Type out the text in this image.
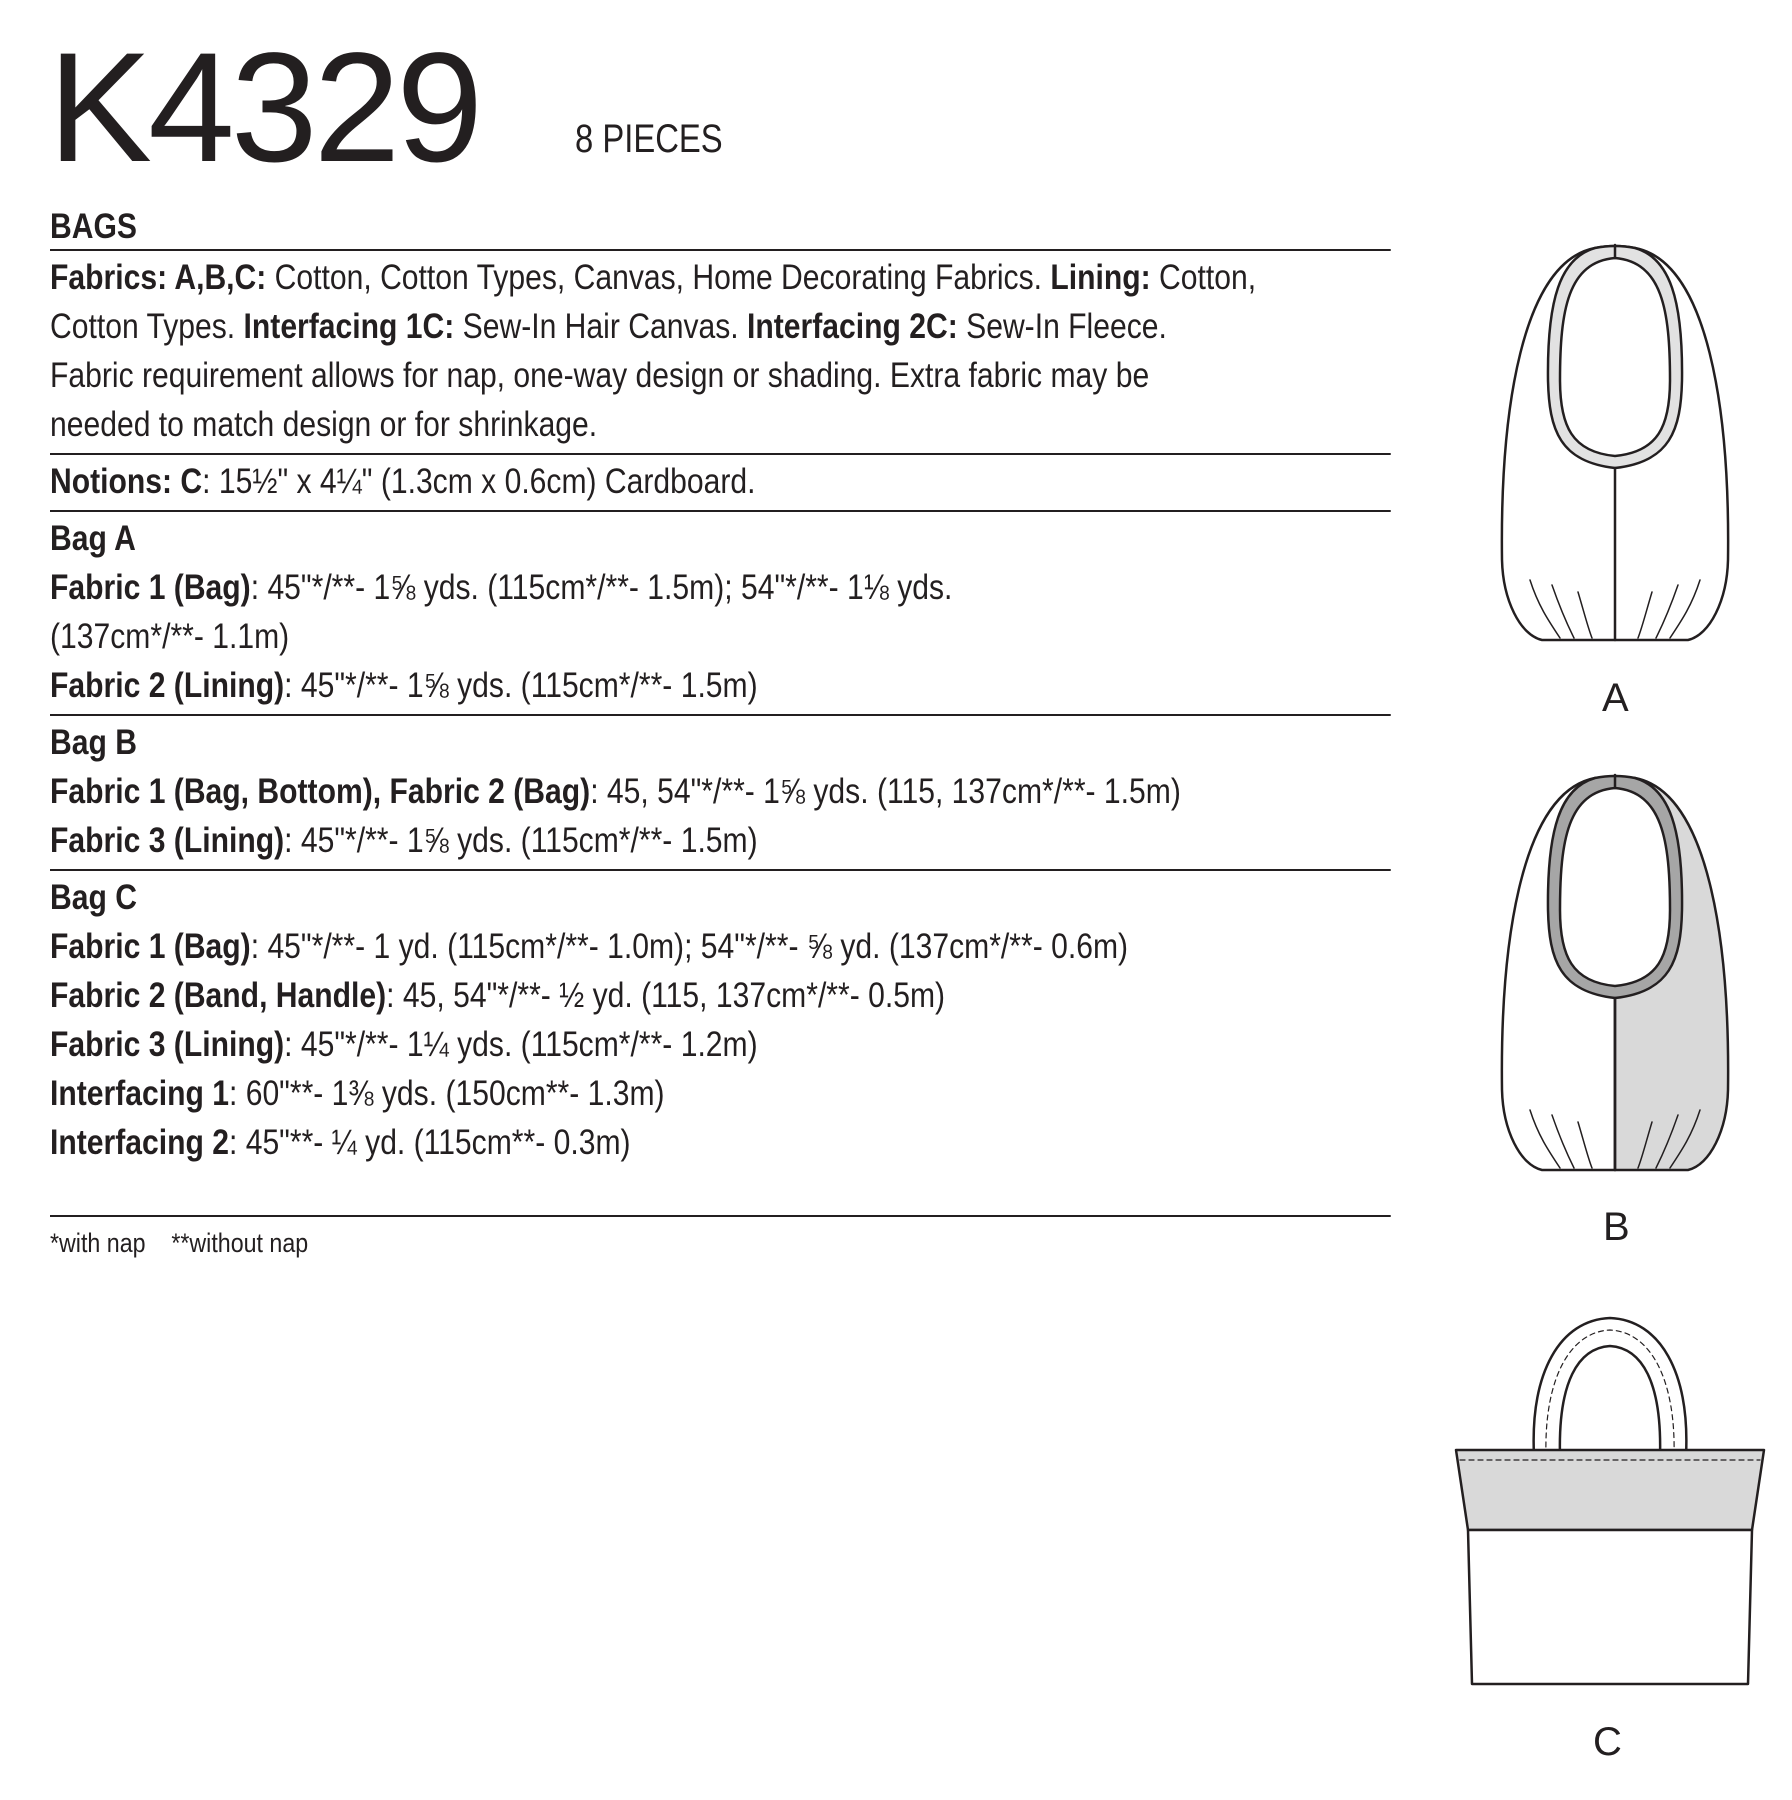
K4329 8 PIECES

BAGS

Fabrics: A,B,C: Cotton, Cotton Types, Canvas, Home Decorating Fabrics. Lining: Cotton,

Cotton Types. Interfacing 1C: Sew-In Hair Canvas. Interfacing 2C: Sew-In Fleece.

Fabric requirement allows for nap, one-way design or shading. Extra fabric may be

needed to match design or for shrinkage.

Notions: C: 15½" x 4¼" (1.3cm x 0.6cm) Cardboard.

Bag A

Fabric 1 (Bag): 45"*/**- 1⅝ yds. (115cm*/**- 1.5m); 54"*/**- 1⅛ yds.

(137cm*/**- 1.1m)

Fabric 2 (Lining): 45"*/**- 1⅝ yds. (115cm*/**- 1.5m)

Bag B

Fabric 1 (Bag, Bottom), Fabric 2 (Bag): 45, 54"*/**- 1⅝ yds. (115, 137cm*/**- 1.5m)

Fabric 3 (Lining): 45"*/**- 1⅝ yds. (115cm*/**- 1.5m)

Bag C

Fabric 1 (Bag): 45"*/**- 1 yd. (115cm*/**- 1.0m); 54"*/**- ⅝ yd. (137cm*/**- 0.6m)

Fabric 2 (Band, Handle): 45, 54"*/**- ½ yd. (115, 137cm*/**- 0.5m)

Fabric 3 (Lining): 45"*/**- 1¼ yds. (115cm*/**- 1.2m)

Interfacing 1: 60"**- 1⅜ yds. (150cm**- 1.3m)

Interfacing 2: 45"**- ¼ yd. (115cm**- 0.3m)

*with nap **without nap

A
B
C
